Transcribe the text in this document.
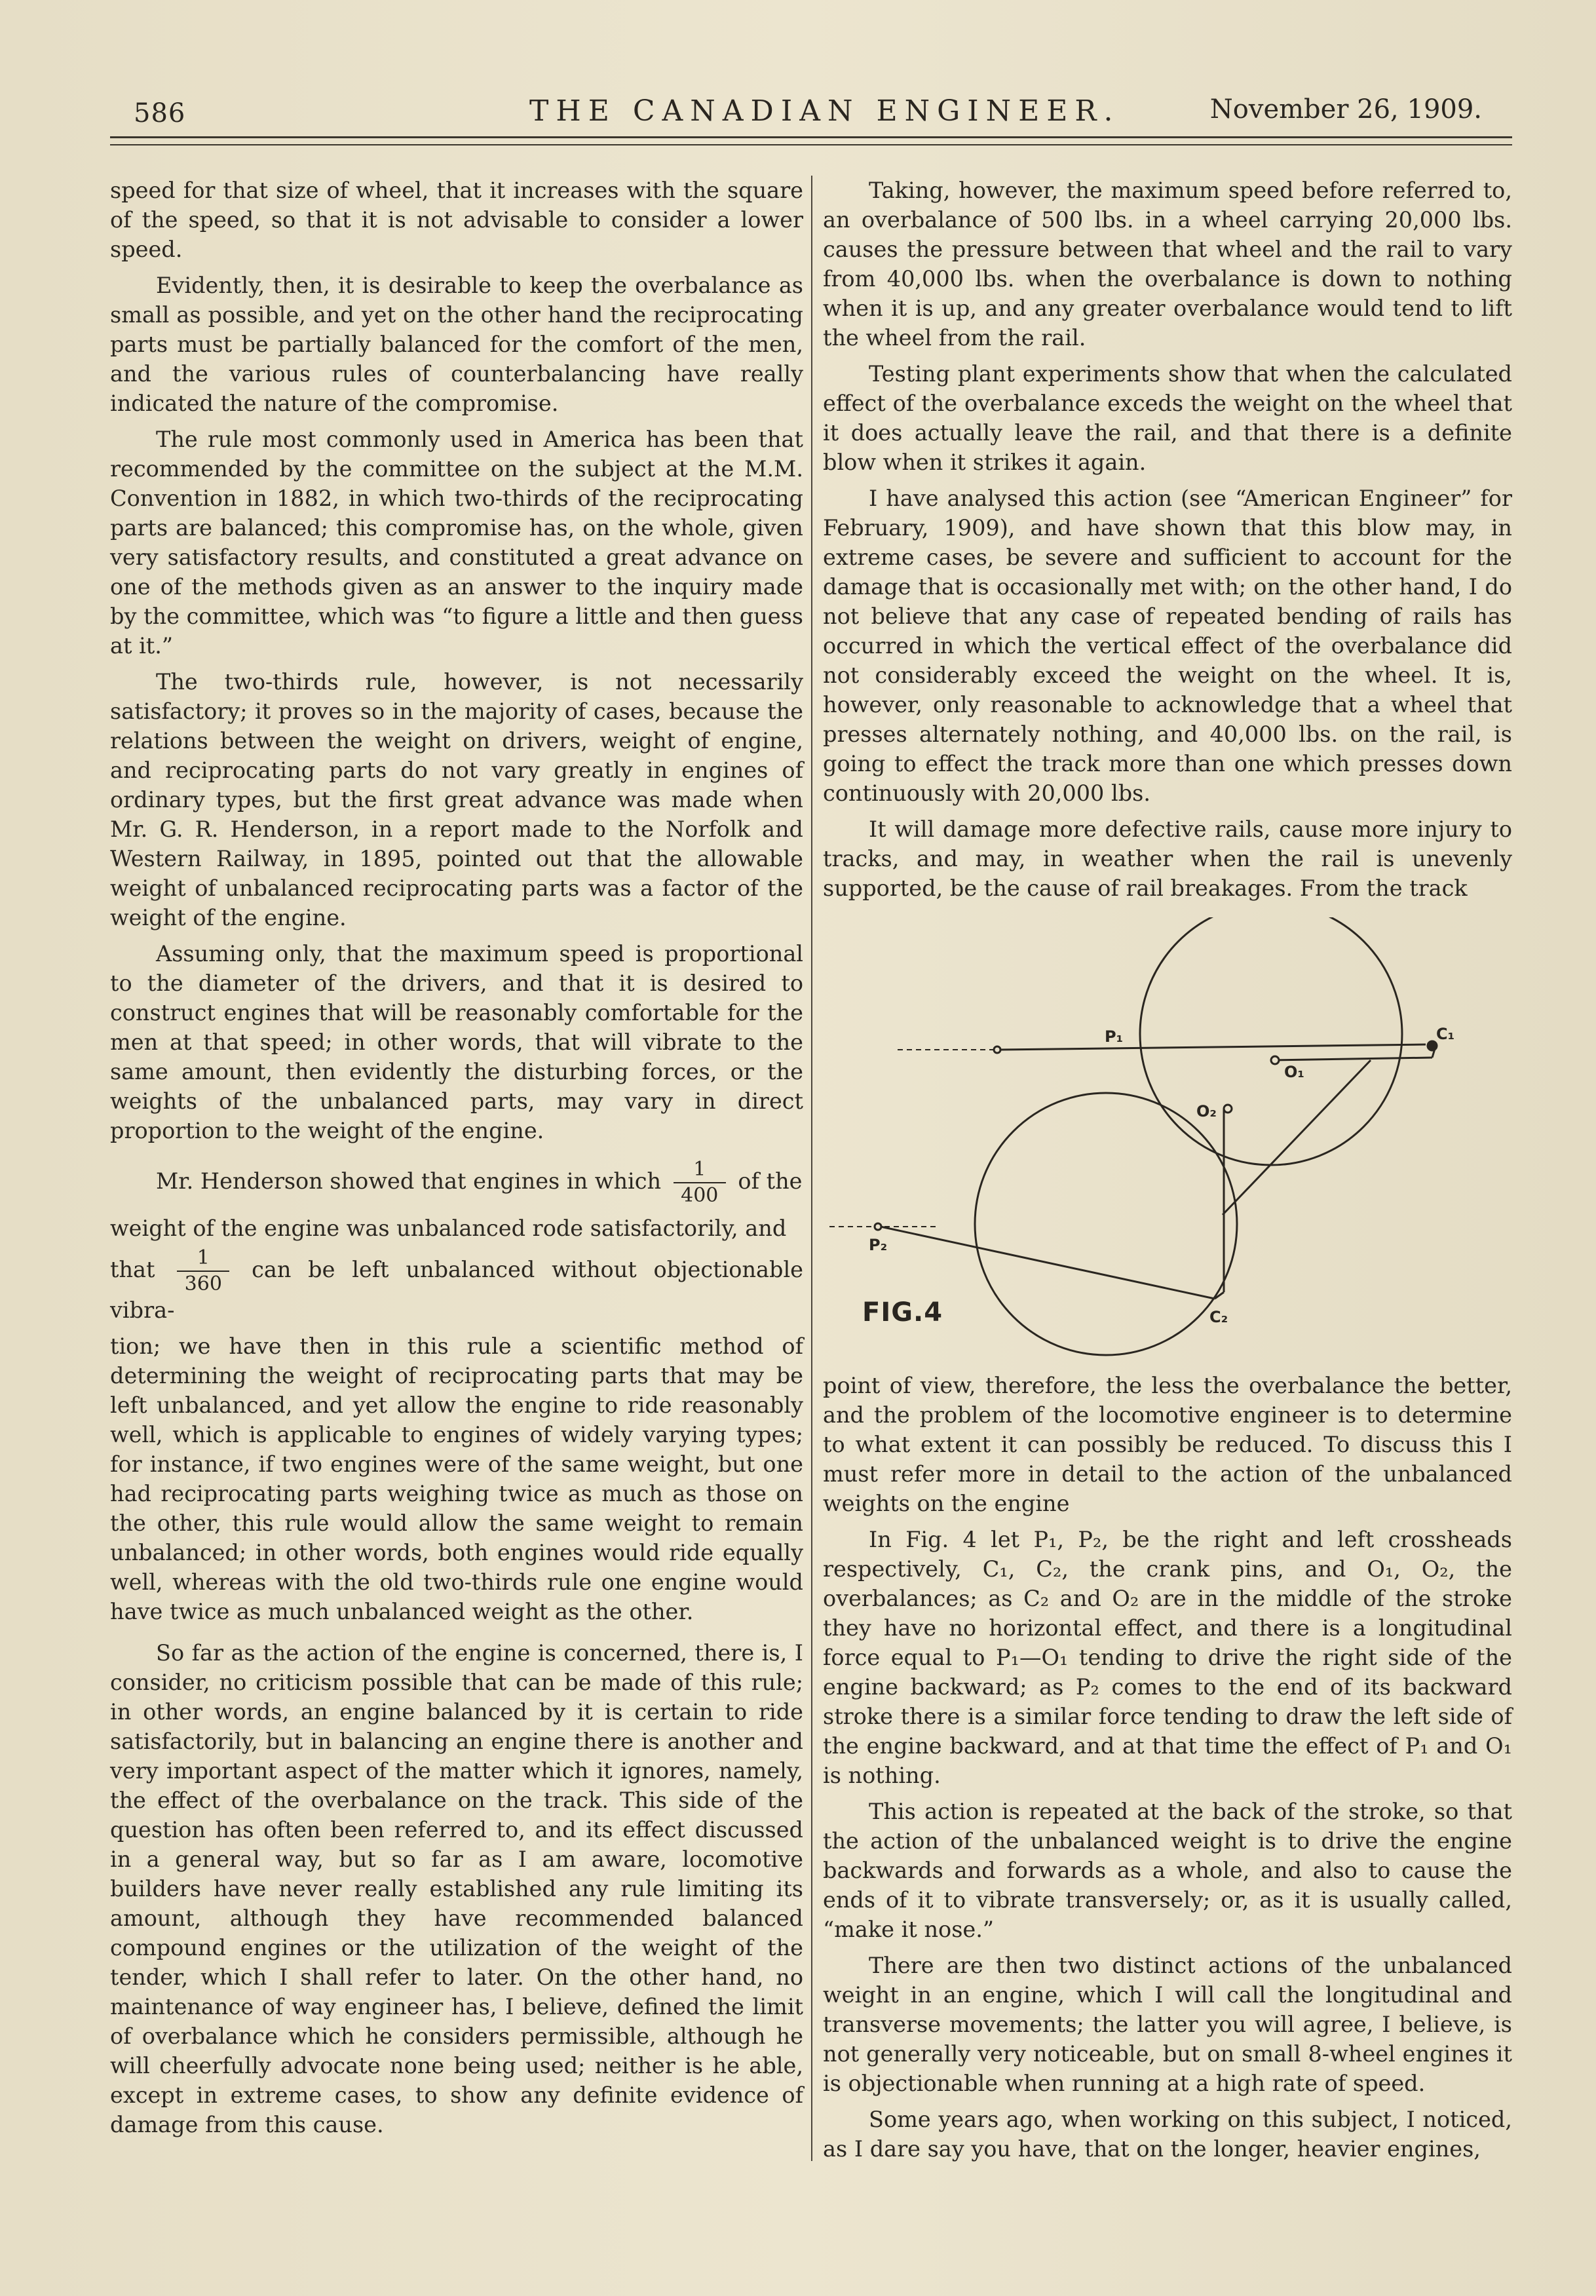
586	THE CANADIAN ENGINEER.	November 26, 1909.

speed for that size of wheel, that it increases with the square of the speed, so that it is not advisable to consider a lower speed.

Evidently, then, it is desirable to keep the overbalance as small as possible, and yet on the other hand the reciprocating parts must be partially balanced for the comfort of the men, and the various rules of counterbalancing have really indicated the nature of the compromise.

The rule most commonly used in America has been that recommended by the committee on the subject at the M.M. Convention in 1882, in which two-thirds of the reciprocating parts are balanced; this compromise has, on the whole, given very satisfactory results, and constituted a great advance on one of the methods given as an answer to the inquiry made by the committee, which was “to figure a little and then guess at it.”

The two-thirds rule, however, is not necessarily satisfactory; it proves so in the majority of cases, because the relations between the weight on drivers, weight of engine, and reciprocating parts do not vary greatly in engines of ordinary types, but the first great advance was made when Mr. G. R. Henderson, in a report made to the Norfolk and Western Railway, in 1895, pointed out that the allowable weight of unbalanced reciprocating parts was a factor of the weight of the engine.

Assuming only, that the maximum speed is proportional to the diameter of the drivers, and that it is desired to construct engines that will be reasonably comfortable for the men at that speed; in other words, that will vibrate to the same amount, then evidently the disturbing forces, or the weights of the unbalanced parts, may vary in direct proportion to the weight of the engine.

Mr. Henderson showed that engines in which $\frac{1}{400}$ of the
weight of the engine was unbalanced rode satisfactorily, and
that $\frac{1}{360}$ can be left unbalanced without objectionable vibra-

tion; we have then in this rule a scientific method of determining the weight of reciprocating parts that may be left unbalanced, and yet allow the engine to ride reasonably well, which is applicable to engines of widely varying types; for instance, if two engines were of the same weight, but one had reciprocating parts weighing twice as much as those on the other, this rule would allow the same weight to remain unbalanced; in other words, both engines would ride equally well, whereas with the old two-thirds rule one engine would have twice as much unbalanced weight as the other.

So far as the action of the engine is concerned, there is, I consider, no criticism possible that can be made of this rule; in other words, an engine balanced by it is certain to ride satisfactorily, but in balancing an engine there is another and very important aspect of the matter which it ignores, namely, the effect of the overbalance on the track. This side of the question has often been referred to, and its effect discussed in a general way, but so far as I am aware, locomotive builders have never really established any rule limiting its amount, although they have recommended balanced compound engines or the utilization of the weight of the tender, which I shall refer to later. On the other hand, no maintenance of way engineer has, I believe, defined the limit of overbalance which he considers permissible, although he will cheerfully advocate none being used; neither is he able, except in extreme cases, to show any definite evidence of damage from this cause.

Taking, however, the maximum speed before referred to, an overbalance of 500 lbs. in a wheel carrying 20,000 lbs. causes the pressure between that wheel and the rail to vary from 40,000 lbs. when the overbalance is down to nothing when it is up, and any greater overbalance would tend to lift the wheel from the rail.

Testing plant experiments show that when the calculated effect of the overbalance exceds the weight on the wheel that it does actually leave the rail, and that there is a definite blow when it strikes it again.

I have analysed this action (see “American Engineer” for February, 1909), and have shown that this blow may, in extreme cases, be severe and sufficient to account for the damage that is occasionally met with; on the other hand, I do not believe that any case of repeated bending of rails has occurred in which the vertical effect of the overbalance did not considerably exceed the weight on the wheel. It is, however, only reasonable to acknowledge that a wheel that presses alternately nothing, and 40,000 lbs. on the rail, is going to effect the track more than one which presses down continuously with 20,000 lbs.

It will damage more defective rails, cause more injury to tracks, and may, in weather when the rail is unevenly supported, be the cause of rail breakages. From the track

P₁
P₂
C₁
C₂
O₁
O₂
FIG.4

point of view, therefore, the less the overbalance the better, and the problem of the locomotive engineer is to determine to what extent it can possibly be reduced. To discuss this I must refer more in detail to the action of the unbalanced weights on the engine

In Fig. 4 let P₁, P₂, be the right and left crossheads respectively, C₁, C₂, the crank pins, and O₁, O₂, the overbalances; as C₂ and O₂ are in the middle of the stroke they have no horizontal effect, and there is a longitudinal force equal to P₁—O₁ tending to drive the right side of the engine backward; as P₂ comes to the end of its backward stroke there is a similar force tending to draw the left side of the engine backward, and at that time the effect of P₁ and O₁ is nothing.

This action is repeated at the back of the stroke, so that the action of the unbalanced weight is to drive the engine backwards and forwards as a whole, and also to cause the ends of it to vibrate transversely; or, as it is usually called, “make it nose.”

There are then two distinct actions of the unbalanced weight in an engine, which I will call the longitudinal and transverse movements; the latter you will agree, I believe, is not generally very noticeable, but on small 8-wheel engines it is objectionable when running at a high rate of speed.

Some years ago, when working on this subject, I noticed, as I dare say you have, that on the longer, heavier engines,
